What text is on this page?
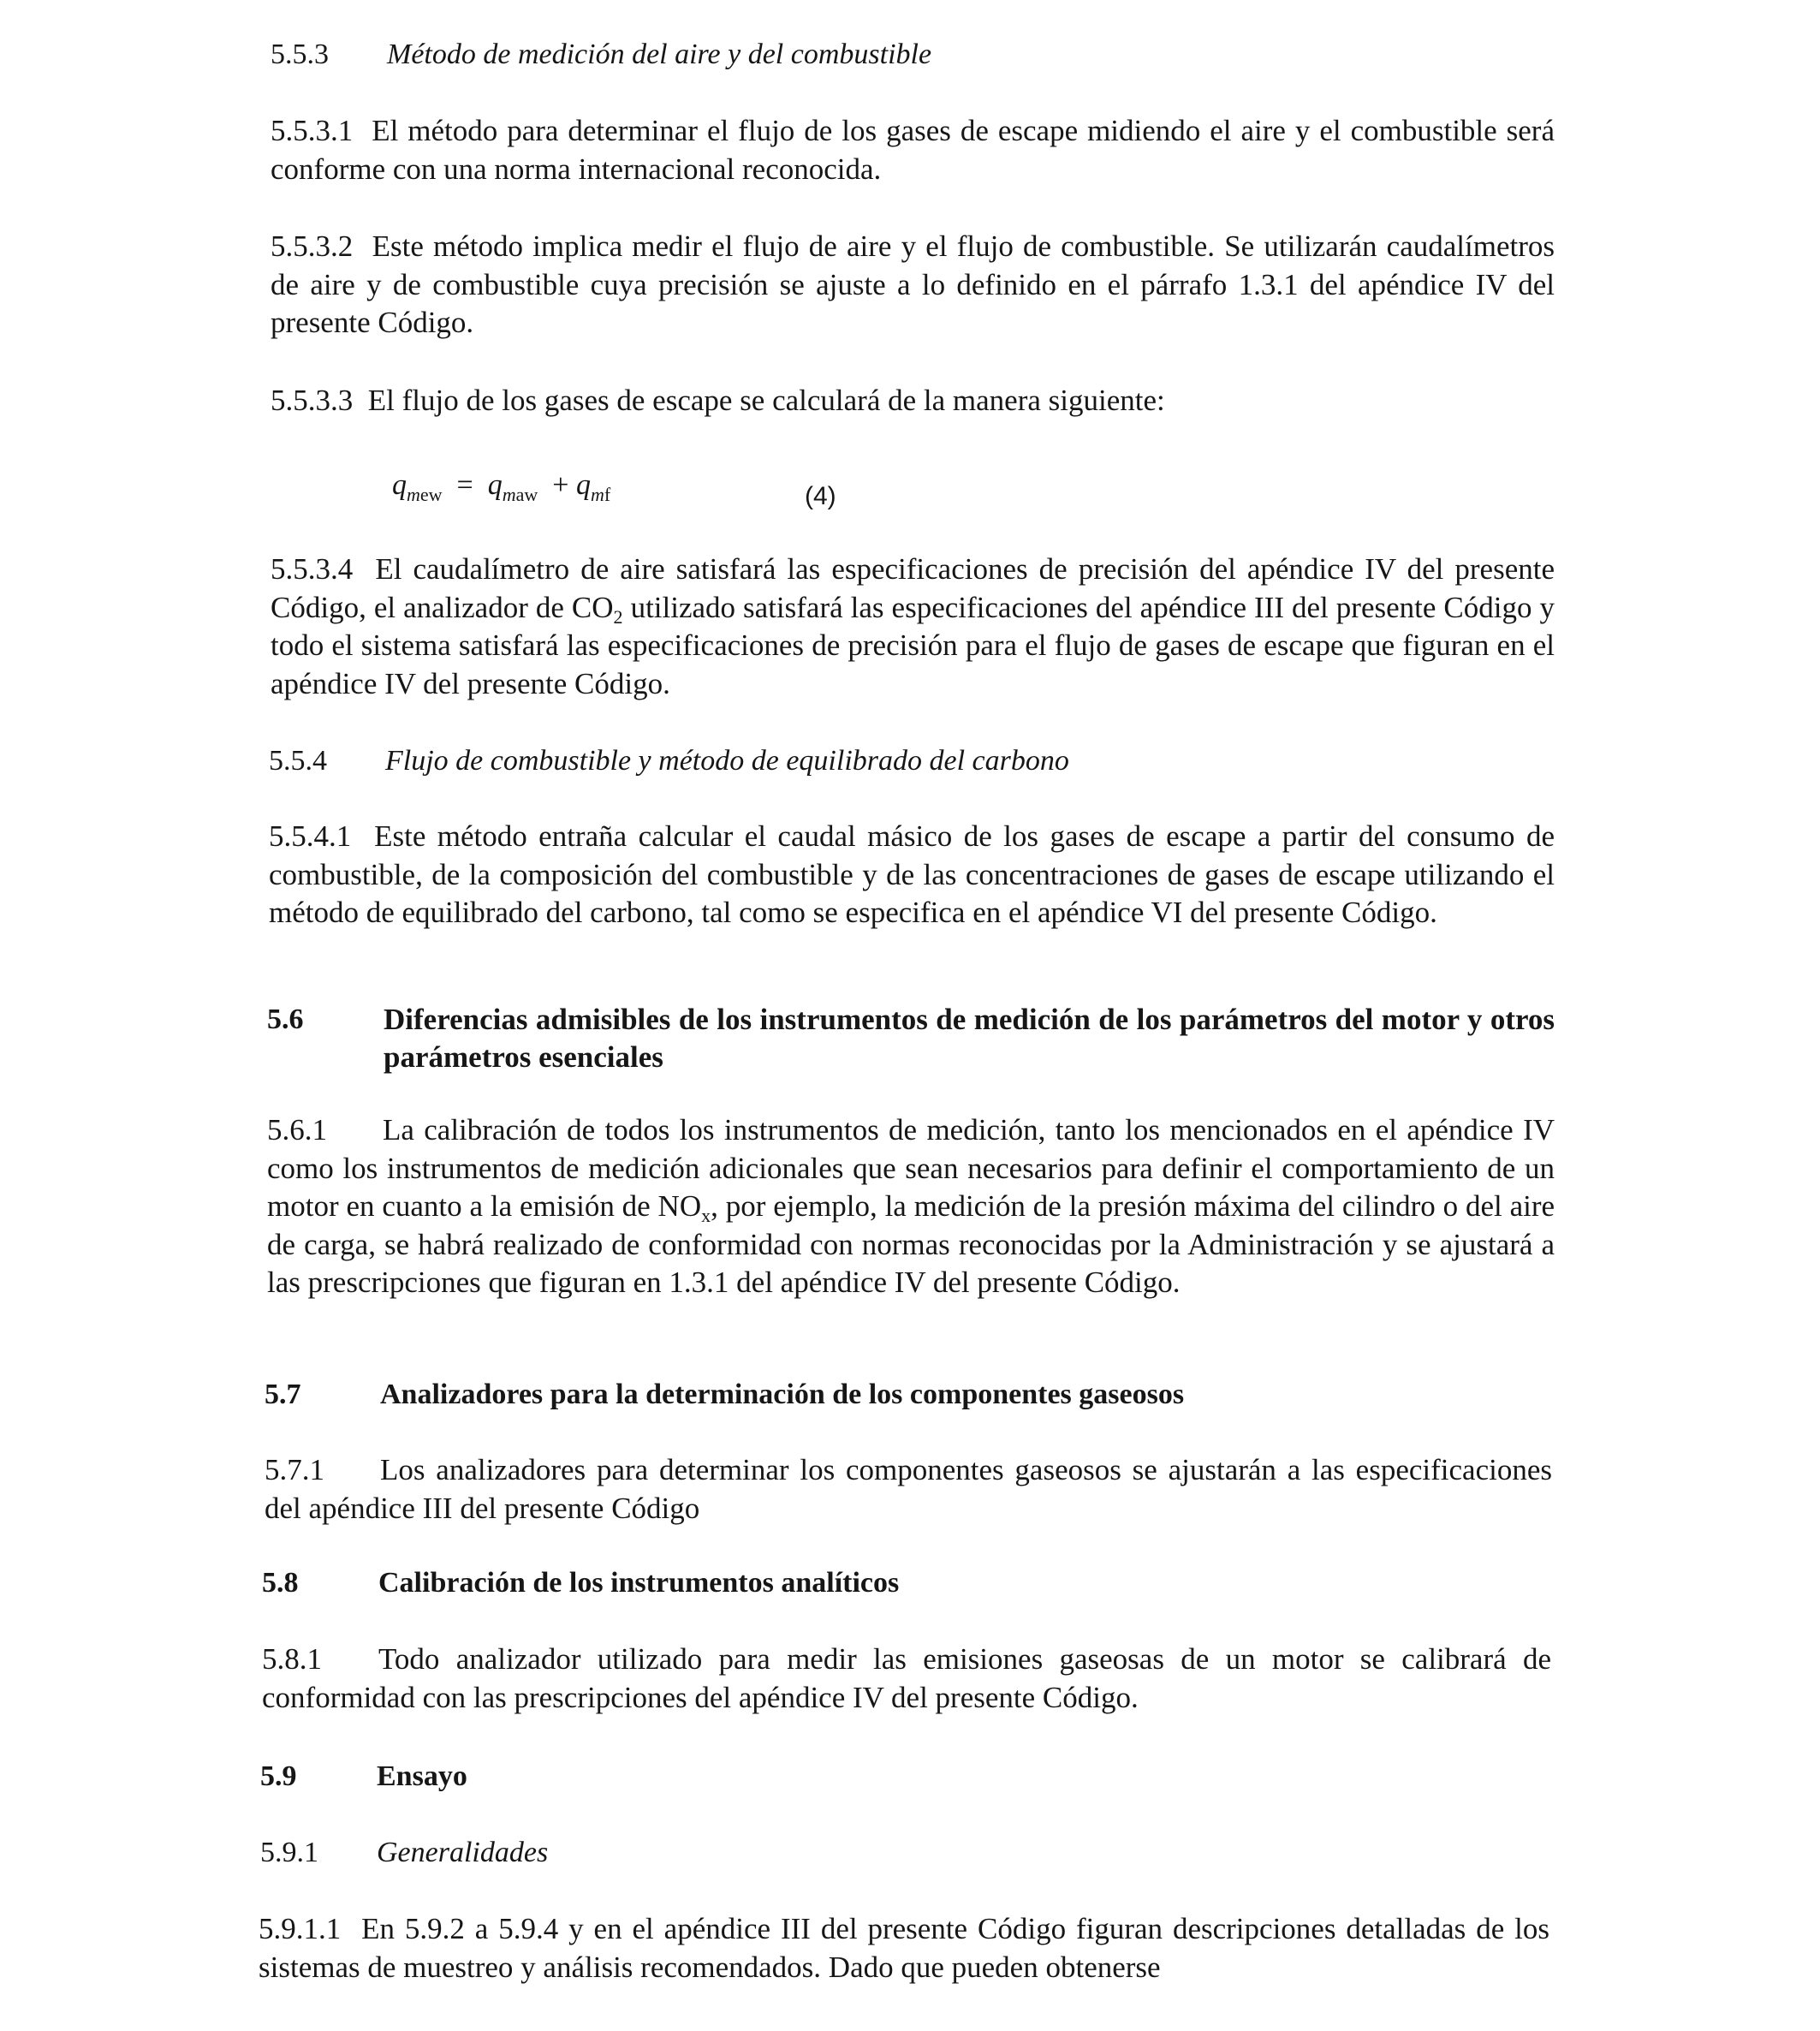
5.5.3 Método de medición del aire y del combustible

5.5.3.1 El método para determinar el flujo de los gases de escape midiendo el aire y el combustible será conforme con una norma internacional reconocida.

5.5.3.2 Este método implica medir el flujo de aire y el flujo de combustible. Se utilizarán caudalímetros de aire y de combustible cuya precisión se ajuste a lo definido en el párrafo 1.3.1 del apéndice IV del presente Código.

5.5.3.3 El flujo de los gases de escape se calculará de la manera siguiente:

$q_{mew} = q_{maw} + q_{mf}$	(4)

5.5.3.4 El caudalímetro de aire satisfará las especificaciones de precisión del apéndice IV del presente Código, el analizador de $CO_2$ utilizado satisfará las especificaciones del apéndice III del presente Código y todo el sistema satisfará las especificaciones de precisión para el flujo de gases de escape que figuran en el apéndice IV del presente Código.

5.5.4 Flujo de combustible y método de equilibrado del carbono

5.5.4.1 Este método entraña calcular el caudal másico de los gases de escape a partir del consumo de combustible, de la composición del combustible y de las concentraciones de gases de escape utilizando el método de equilibrado del carbono, tal como se especifica en el apéndice VI del presente Código.

5.6	Diferencias admisibles de los instrumentos de medición de los parámetros del motor y otros parámetros esenciales

5.6.1 La calibración de todos los instrumentos de medición, tanto los mencionados en el apéndice IV como los instrumentos de medición adicionales que sean necesarios para definir el comportamiento de un motor en cuanto a la emisión de $NO_x$, por ejemplo, la medición de la presión máxima del cilindro o del aire de carga, se habrá realizado de conformidad con normas reconocidas por la Administración y se ajustará a las prescripciones que figuran en 1.3.1 del apéndice IV del presente Código.

5.7	Analizadores para la determinación de los componentes gaseosos

5.7.1 Los analizadores para determinar los componentes gaseosos se ajustarán a las especificaciones del apéndice III del presente Código

5.8	Calibración de los instrumentos analíticos

5.8.1 Todo analizador utilizado para medir las emisiones gaseosas de un motor se calibrará de conformidad con las prescripciones del apéndice IV del presente Código.

5.9	Ensayo
5.9.1 Generalidades

5.9.1.1 En 5.9.2 a 5.9.4 y en el apéndice III del presente Código figuran descripciones detalladas de los sistemas de muestreo y análisis recomendados. Dado que pueden obtenerse
